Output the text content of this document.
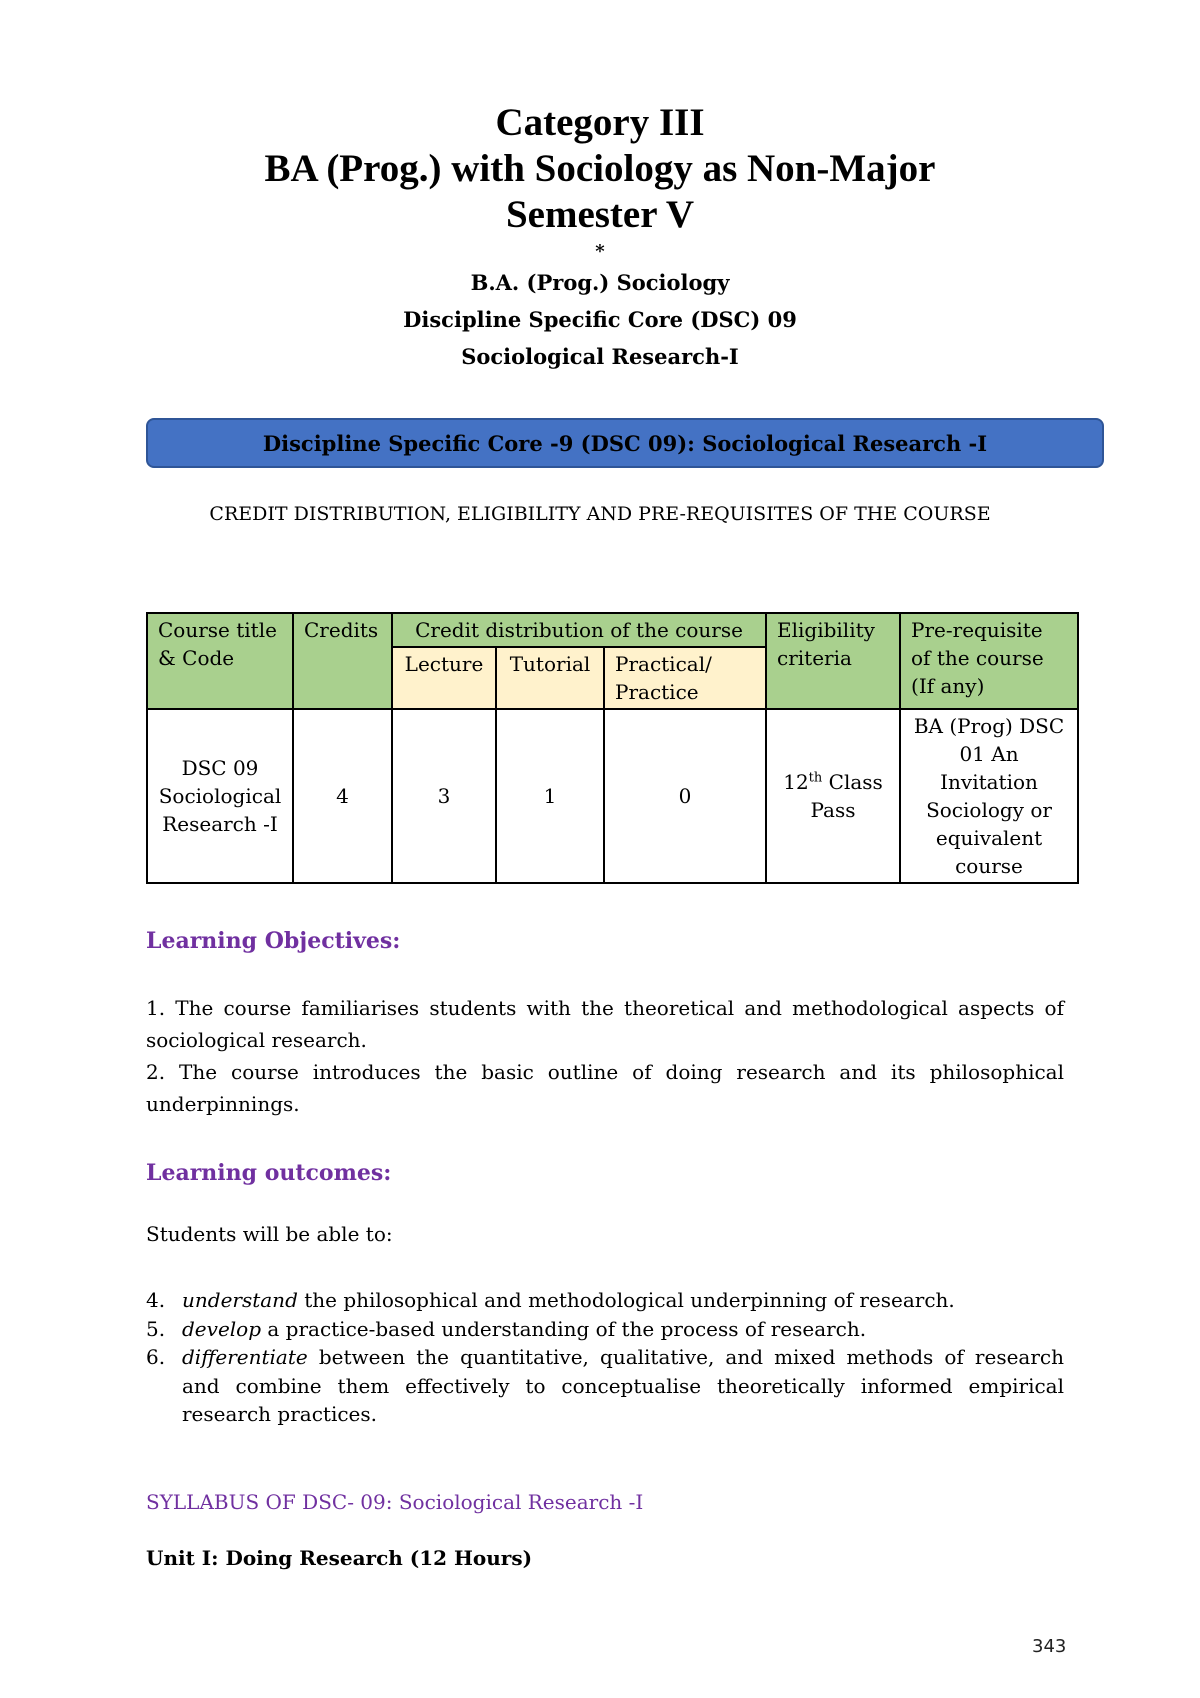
Category III
BA (Prog.) with Sociology as Non-Major
Semester V
*
B.A. (Prog.) Sociology
Discipline Specific Core (DSC) 09
Sociological Research-I
Discipline Specific Core -9 (DSC 09): Sociological Research -I
CREDIT DISTRIBUTION, ELIGIBILITY AND PRE-REQUISITES OF THE COURSE
Course title & Code	Credits	Credit distribution of the course			Eligibility criteria	Pre-requisite of the course (If any)
		Lecture	Tutorial	Practical/ Practice		
DSC 09
Sociological Research -I	4	3	1	0	12th Class Pass	BA (Prog) DSC 01 An Invitation Sociology or equivalent course
Learning Objectives:
1. The course familiarises students with the theoretical and methodological aspects of sociological research.
2. The course introduces the basic outline of doing research and its philosophical underpinnings.
Learning outcomes:
Students will be able to:
4. understand the philosophical and methodological underpinning of research.
5. develop a practice-based understanding of the process of research.
6. differentiate between the quantitative, qualitative, and mixed methods of research and combine them effectively to conceptualise theoretically informed empirical research practices.
SYLLABUS OF DSC- 09: Sociological Research -I
Unit I: Doing Research (12 Hours)
343
